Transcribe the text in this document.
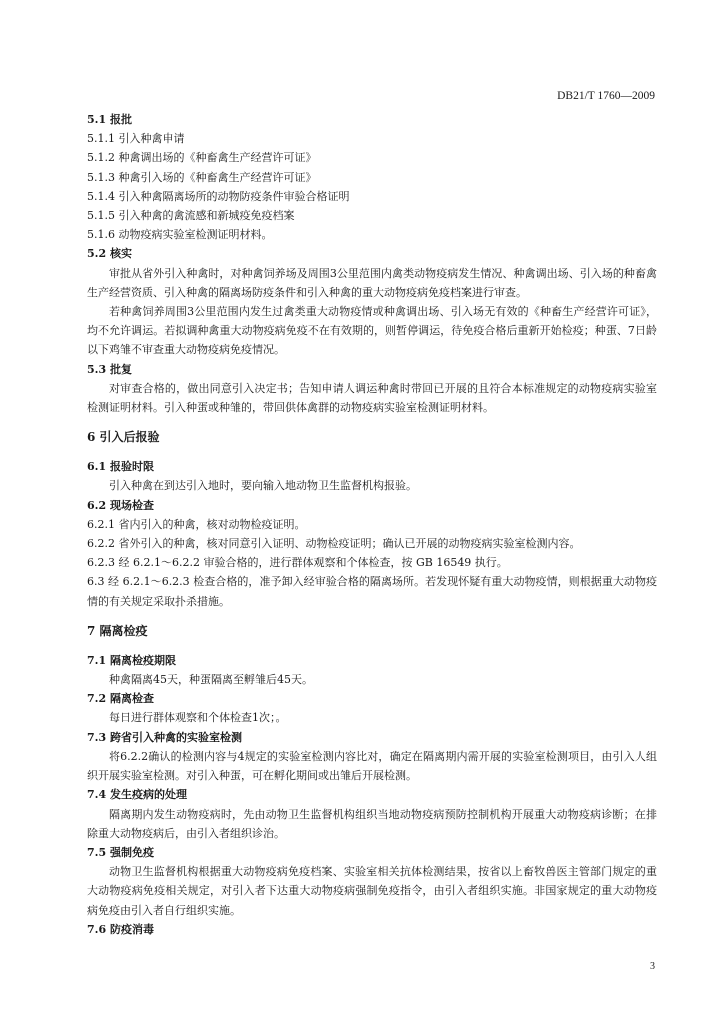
DB21/T 1760—2009
5.1 报批
5.1.1 引入种禽申请
5.1.2 种禽调出场的《种畜禽生产经营许可证》
5.1.3 种禽引入场的《种畜禽生产经营许可证》
5.1.4 引入种禽隔离场所的动物防疫条件审验合格证明
5.1.5 引入种禽的禽流感和新城疫免疫档案
5.1.6 动物疫病实验室检测证明材料。
5.2 核实
审批从省外引入种禽时，对种禽饲养场及周围3公里范围内禽类动物疫病发生情况、种禽调出场、引入场的种畜禽生产经营资质、引入种禽的隔离场防疫条件和引入种禽的重大动物疫病免疫档案进行审查。
若种禽饲养周围3公里范围内发生过禽类重大动物疫情或种禽调出场、引入场无有效的《种畜生产经营许可证》，均不允许调运。若拟调种禽重大动物疫病免疫不在有效期的，则暂停调运，待免疫合格后重新开始检疫；种蛋、7日龄以下鸡雏不审查重大动物疫病免疫情况。
5.3 批复
对审查合格的，做出同意引入决定书；告知申请人调运种禽时带回已开展的且符合本标准规定的动物疫病实验室检测证明材料。引入种蛋或种雏的，带回供体禽群的动物疫病实验室检测证明材料。
6 引入后报验
6.1 报验时限
引入种禽在到达引入地时，要向输入地动物卫生监督机构报验。
6.2 现场检查
6.2.1 省内引入的种禽，核对动物检疫证明。
6.2.2 省外引入的种禽，核对同意引入证明、动物检疫证明；确认已开展的动物疫病实验室检测内容。
6.2.3 经 6.2.1～6.2.2 审验合格的，进行群体观察和个体检查，按 GB 16549 执行。
6.3 经 6.2.1～6.2.3 检查合格的，准予卸入经审验合格的隔离场所。若发现怀疑有重大动物疫情，则根据重大动物疫情的有关规定采取扑杀措施。
7 隔离检疫
7.1 隔离检疫期限
种禽隔离45天，种蛋隔离至孵雏后45天。
7.2 隔离检查
每日进行群体观察和个体检查1次；。
7.3 跨省引入种禽的实验室检测
将6.2.2确认的检测内容与4规定的实验室检测内容比对，确定在隔离期内需开展的实验室检测项目，由引入人组织开展实验室检测。对引入种蛋，可在孵化期间或出雏后开展检测。
7.4 发生疫病的处理
隔离期内发生动物疫病时，先由动物卫生监督机构组织当地动物疫病预防控制机构开展重大动物疫病诊断；在排除重大动物疫病后，由引入者组织诊治。
7.5 强制免疫
动物卫生监督机构根据重大动物疫病免疫档案、实验室相关抗体检测结果，按省以上畜牧兽医主管部门规定的重大动物疫病免疫相关规定，对引入者下达重大动物疫病强制免疫指令，由引入者组织实施。非国家规定的重大动物疫病免疫由引入者自行组织实施。
7.6 防疫消毒
3
